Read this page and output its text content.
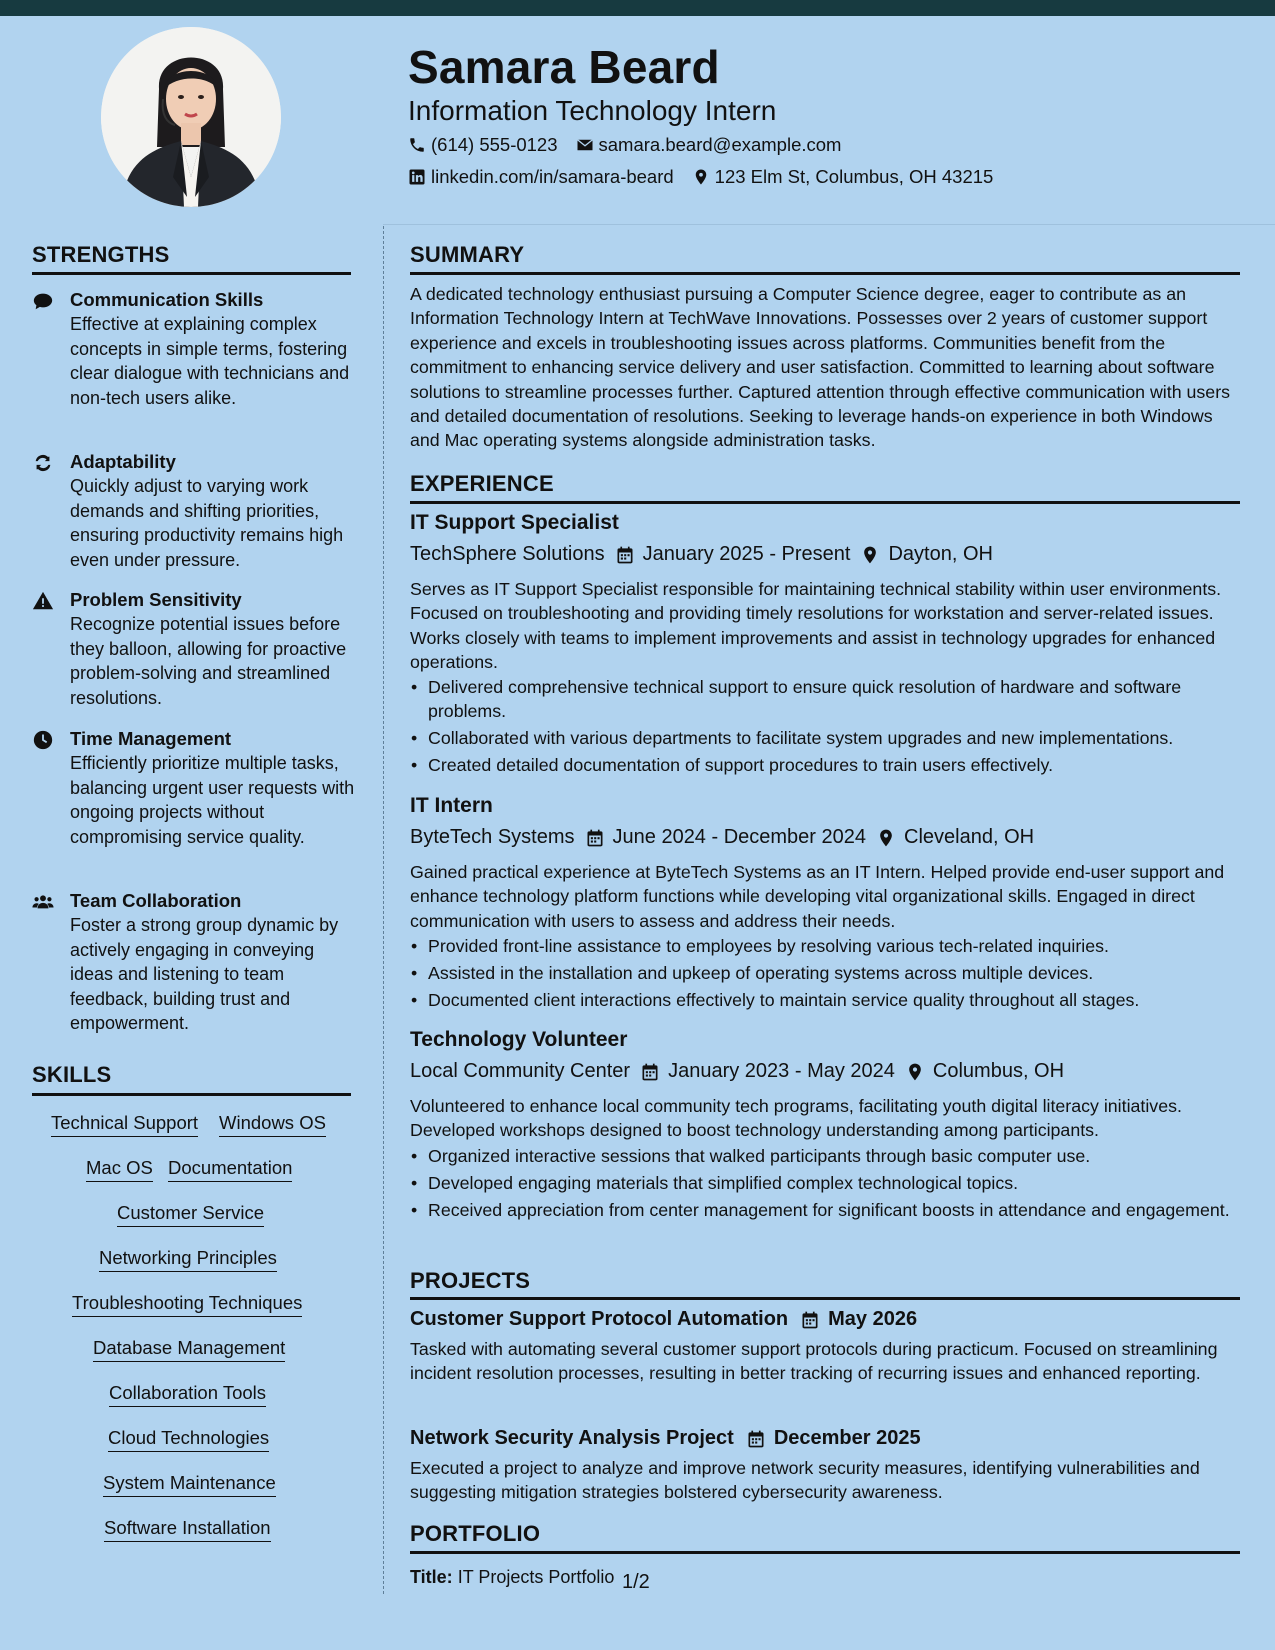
Samara Beard
Information Technology Intern
(614) 555-0123 samara.beard@example.com
linkedin.com/in/samara-beard 123 Elm St, Columbus, OH 43215
STRENGTHS
Communication Skills
Effective at explaining complex concepts in simple terms, fostering clear dialogue with technicians and non-tech users alike.
Adaptability
Quickly adjust to varying work demands and shifting priorities, ensuring productivity remains high even under pressure.
Problem Sensitivity
Recognize potential issues before they balloon, allowing for proactive problem-solving and streamlined resolutions.
Time Management
Efficiently prioritize multiple tasks, balancing urgent user requests with ongoing projects without compromising service quality.
Team Collaboration
Foster a strong group dynamic by actively engaging in conveying ideas and listening to team feedback, building trust and empowerment.
SKILLS
Technical Support Windows OS
Mac OS Documentation
Customer Service
Networking Principles
Troubleshooting Techniques
Database Management
Collaboration Tools
Cloud Technologies
System Maintenance
Software Installation
SUMMARY
A dedicated technology enthusiast pursuing a Computer Science degree, eager to contribute as an Information Technology Intern at TechWave Innovations. Possesses over 2 years of customer support experience and excels in troubleshooting issues across platforms. Communities benefit from the commitment to enhancing service delivery and user satisfaction. Committed to learning about software solutions to streamline processes further. Captured attention through effective communication with users and detailed documentation of resolutions. Seeking to leverage hands-on experience in both Windows and Mac operating systems alongside administration tasks.
EXPERIENCE
IT Support Specialist
TechSphere Solutions January 2025 - Present Dayton, OH
Serves as IT Support Specialist responsible for maintaining technical stability within user environments. Focused on troubleshooting and providing timely resolutions for workstation and server-related issues. Works closely with teams to implement improvements and assist in technology upgrades for enhanced operations.
• Delivered comprehensive technical support to ensure quick resolution of hardware and software problems.
• Collaborated with various departments to facilitate system upgrades and new implementations.
• Created detailed documentation of support procedures to train users effectively.
IT Intern
ByteTech Systems June 2024 - December 2024 Cleveland, OH
Gained practical experience at ByteTech Systems as an IT Intern. Helped provide end-user support and enhance technology platform functions while developing vital organizational skills. Engaged in direct communication with users to assess and address their needs.
• Provided front-line assistance to employees by resolving various tech-related inquiries.
• Assisted in the installation and upkeep of operating systems across multiple devices.
• Documented client interactions effectively to maintain service quality throughout all stages.
Technology Volunteer
Local Community Center January 2023 - May 2024 Columbus, OH
Volunteered to enhance local community tech programs, facilitating youth digital literacy initiatives. Developed workshops designed to boost technology understanding among participants.
• Organized interactive sessions that walked participants through basic computer use.
• Developed engaging materials that simplified complex technological topics.
• Received appreciation from center management for significant boosts in attendance and engagement.
PROJECTS
Customer Support Protocol Automation May 2026
Tasked with automating several customer support protocols during practicum. Focused on streamlining incident resolution processes, resulting in better tracking of recurring issues and enhanced reporting.
Network Security Analysis Project December 2025
Executed a project to analyze and improve network security measures, identifying vulnerabilities and suggesting mitigation strategies bolstered cybersecurity awareness.
PORTFOLIO
Title: IT Projects Portfolio 1/2
